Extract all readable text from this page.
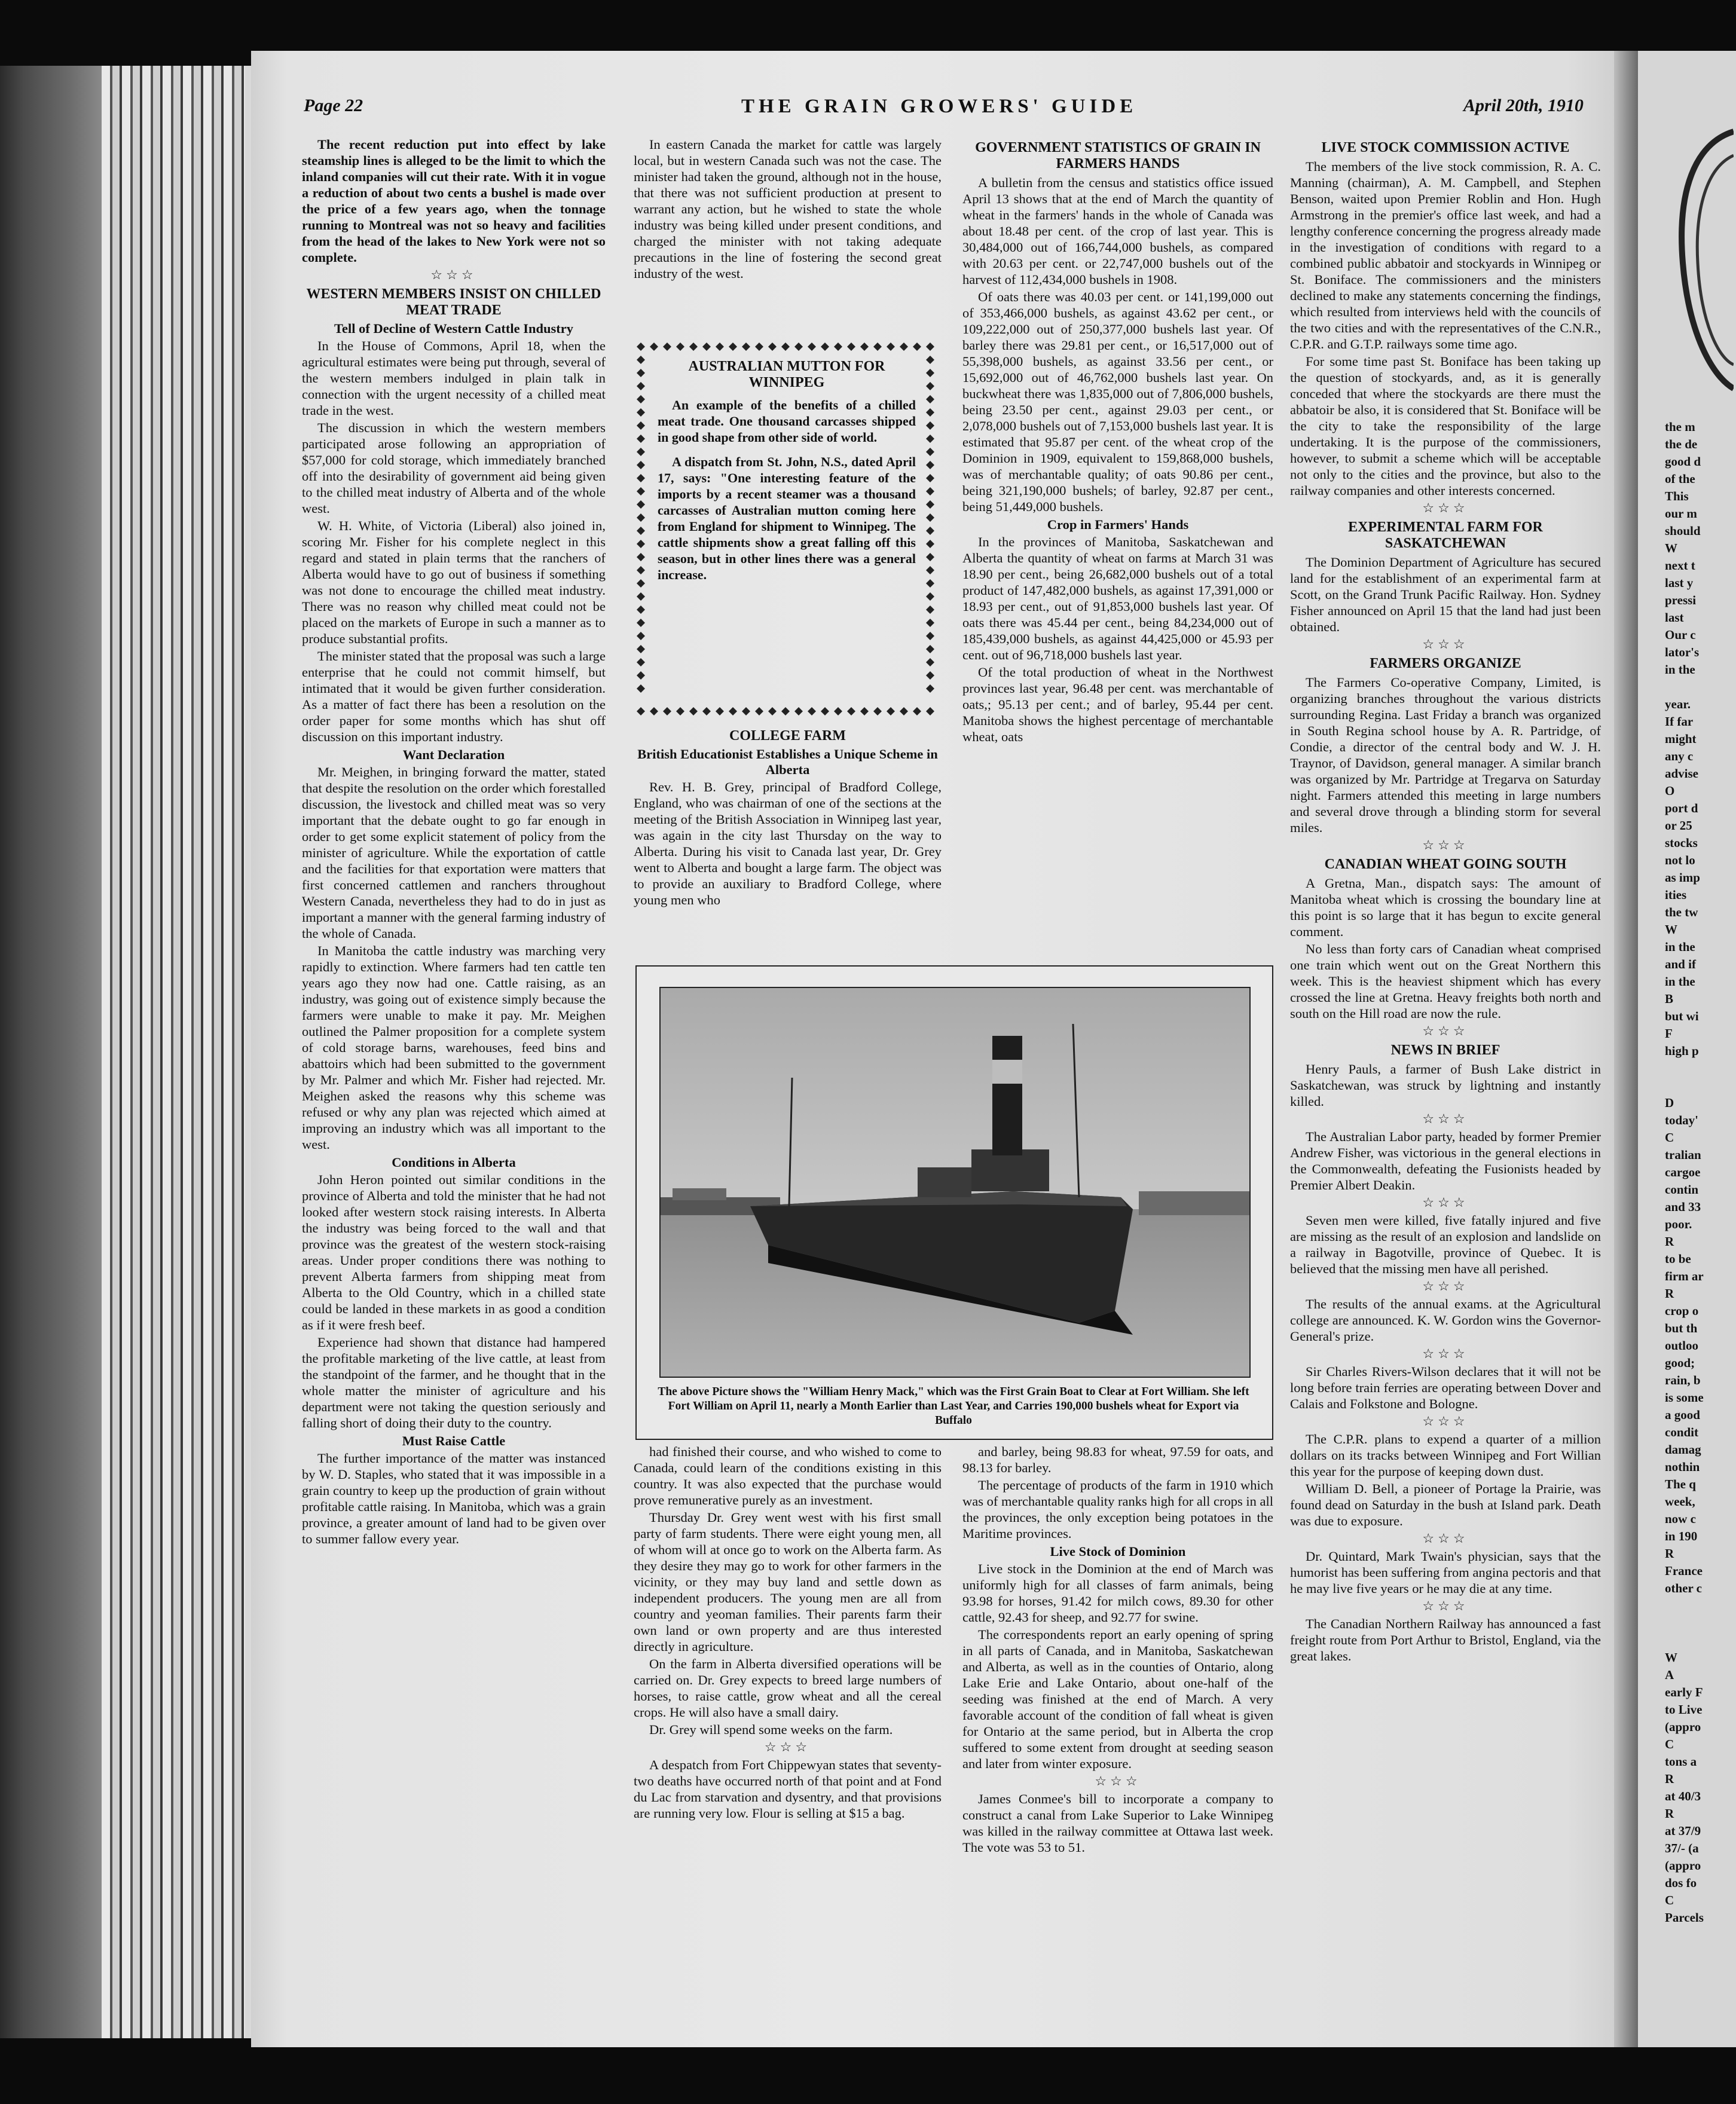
Page 22	THE GRAIN GROWERS' GUIDE	April 20th, 1910

The recent reduction put into effect by lake steamship lines is alleged to be the limit to which the inland companies will cut their rate. With it in vogue a reduction of about two cents a bushel is made over the price of a few years ago, when the tonnage running to Montreal was not so heavy and facilities from the head of the lakes to New York were not so complete.

☆☆☆
WESTERN MEMBERS INSIST ON CHILLED MEAT TRADE
Tell of Decline of Western Cattle Industry

In the House of Commons, April 18, when the agricultural estimates were being put through, several of the western members indulged in plain talk in connection with the urgent necessity of a chilled meat trade in the west.

The discussion in which the western members participated arose following an appropriation of $57,000 for cold storage, which immediately branched off into the desirability of government aid being given to the chilled meat industry of Alberta and of the whole west.

W. H. White, of Victoria (Liberal) also joined in, scoring Mr. Fisher for his complete neglect in this regard and stated in plain terms that the ranchers of Alberta would have to go out of business if something was not done to encourage the chilled meat industry. There was no reason why chilled meat could not be placed on the markets of Europe in such a manner as to produce substantial profits.

The minister stated that the proposal was such a large enterprise that he could not commit himself, but intimated that it would be given further consideration. As a matter of fact there has been a resolution on the order paper for some months which has shut off discussion on this important industry.

Want Declaration

Mr. Meighen, in bringing forward the matter, stated that despite the resolution on the order which forestalled discussion, the livestock and chilled meat was so very important that the debate ought to go far enough in order to get some explicit statement of policy from the minister of agriculture. While the exportation of cattle and the facilities for that exportation were matters that first concerned cattlemen and ranchers throughout Western Canada, nevertheless they had to do in just as important a manner with the general farming industry of the whole of Canada.

In Manitoba the cattle industry was marching very rapidly to extinction. Where farmers had ten cattle ten years ago they now had one. Cattle raising, as an industry, was going out of existence simply because the farmers were unable to make it pay. Mr. Meighen outlined the Palmer proposition for a complete system of cold storage barns, warehouses, feed bins and abattoirs which had been submitted to the government by Mr. Palmer and which Mr. Fisher had rejected. Mr. Meighen asked the reasons why this scheme was refused or why any plan was rejected which aimed at improving an industry which was all important to the west.

Conditions in Alberta

John Heron pointed out similar conditions in the province of Alberta and told the minister that he had not looked after western stock raising interests. In Alberta the industry was being forced to the wall and that province was the greatest of the western stock-raising areas. Under proper conditions there was nothing to prevent Alberta farmers from shipping meat from Alberta to the Old Country, which in a chilled state could be landed in these markets in as good a condition as if it were fresh beef.

Experience had shown that distance had hampered the profitable marketing of the live cattle, at least from the standpoint of the farmer, and he thought that in the whole matter the minister of agriculture and his department were not taking the question seriously and falling short of doing their duty to the country.

Must Raise Cattle

The further importance of the matter was instanced by W. D. Staples, who stated that it was impossible in a grain country to keep up the production of grain without profitable cattle raising. In Manitoba, which was a grain province, a greater amount of land had to be given over to summer fallow every year.

In eastern Canada the market for cattle was largely local, but in western Canada such was not the case. The minister had taken the ground, although not in the house, that there was not sufficient production at present to warrant any action, but he wished to state the whole industry was being killed under present conditions, and charged the minister with not taking adequate precautions in the line of fostering the second great industry of the west.

AUSTRALIAN MUTTON FOR WINNIPEG

An example of the benefits of a chilled meat trade. One thousand carcasses shipped in good shape from other side of world.

A dispatch from St. John, N.S., dated April 17, says: "One interesting feature of the imports by a recent steamer was a thousand carcasses of Australian mutton coming here from England for shipment to Winnipeg. The cattle shipments show a great falling off this season, but in other lines there was a general increase.

COLLEGE FARM
British Educationist Establishes a Unique Scheme in Alberta

Rev. H. B. Grey, principal of Bradford College, England, who was chairman of one of the sections at the meeting of the British Association in Winnipeg last year, was again in the city last Thursday on the way to Alberta. During his visit to Canada last year, Dr. Grey went to Alberta and bought a large farm. The object was to provide an auxiliary to Bradford College, where young men who

GOVERNMENT STATISTICS OF GRAIN IN FARMERS HANDS

A bulletin from the census and statistics office issued April 13 shows that at the end of March the quantity of wheat in the farmers' hands in the whole of Canada was about 18.48 per cent. of the crop of last year. This is 30,484,000 out of 166,744,000 bushels, as compared with 20.63 per cent. or 22,747,000 bushels out of the harvest of 112,434,000 bushels in 1908.

Of oats there was 40.03 per cent. or 141,199,000 out of 353,466,000 bushels, as against 43.62 per cent., or 109,222,000 out of 250,377,000 bushels last year. Of barley there was 29.81 per cent., or 16,517,000 out of 55,398,000 bushels, as against 33.56 per cent., or 15,692,000 out of 46,762,000 bushels last year. On buckwheat there was 1,835,000 out of 7,806,000 bushels, being 23.50 per cent., against 29.03 per cent., or 2,078,000 bushels out of 7,153,000 bushels last year. It is estimated that 95.87 per cent. of the wheat crop of the Dominion in 1909, equivalent to 159,868,000 bushels, was of merchantable quality; of oats 90.86 per cent., being 321,190,000 bushels; of barley, 92.87 per cent., being 51,449,000 bushels.

Crop in Farmers' Hands

In the provinces of Manitoba, Saskatchewan and Alberta the quantity of wheat on farms at March 31 was 18.90 per cent., being 26,682,000 bushels out of a total product of 147,482,000 bushels, as against 17,391,000 or 18.93 per cent., out of 91,853,000 bushels last year. Of oats there was 45.44 per cent., being 84,234,000 out of 185,439,000 bushels, as against 44,425,000 or 45.93 per cent. out of 96,718,000 bushels last year.

Of the total production of wheat in the Northwest provinces last year, 96.48 per cent. was merchantable of oats,; 95.13 per cent.; and of barley, 95.44 per cent. Manitoba shows the highest percentage of merchantable wheat, oats

The above Picture shows the "William Henry Mack," which was the First Grain Boat to Clear at Fort William. She left Fort William on April 11, nearly a Month Earlier than Last Year, and Carries 190,000 bushels wheat for Export via Buffalo

had finished their course, and who wished to come to Canada, could learn of the conditions existing in this country. It was also expected that the purchase would prove remunerative purely as an investment.

Thursday Dr. Grey went west with his first small party of farm students. There were eight young men, all of whom will at once go to work on the Alberta farm. As they desire they may go to work for other farmers in the vicinity, or they may buy land and settle down as independent producers. The young men are all from country and yeoman families. Their parents farm their own land or own property and are thus interested directly in agriculture.

On the farm in Alberta diversified operations will be carried on. Dr. Grey expects to breed large numbers of horses, to raise cattle, grow wheat and all the cereal crops. He will also have a small dairy.

Dr. Grey will spend some weeks on the farm.

☆☆☆

A despatch from Fort Chippewyan states that seventy-two deaths have occurred north of that point and at Fond du Lac from starvation and dysentry, and that provisions are running very low. Flour is selling at $15 a bag.

and barley, being 98.83 for wheat, 97.59 for oats, and 98.13 for barley.

The percentage of products of the farm in 1910 which was of merchantable quality ranks high for all crops in all the provinces, the only exception being potatoes in the Maritime provinces.

Live Stock of Dominion

Live stock in the Dominion at the end of March was uniformly high for all classes of farm animals, being 93.98 for horses, 91.42 for milch cows, 89.30 for other cattle, 92.43 for sheep, and 92.77 for swine.

The correspondents report an early opening of spring in all parts of Canada, and in Manitoba, Saskatchewan and Alberta, as well as in the counties of Ontario, along Lake Erie and Lake Ontario, about one-half of the seeding was finished at the end of March. A very favorable account of the condition of fall wheat is given for Ontario at the same period, but in Alberta the crop suffered to some extent from drought at seeding season and later from winter exposure.

☆☆☆

James Conmee's bill to incorporate a company to construct a canal from Lake Superior to Lake Winnipeg was killed in the railway committee at Ottawa last week. The vote was 53 to 51.

LIVE STOCK COMMISSION ACTIVE

The members of the live stock commission, R. A. C. Manning (chairman), A. M. Campbell, and Stephen Benson, waited upon Premier Roblin and Hon. Hugh Armstrong in the premier's office last week, and had a lengthy conference concerning the progress already made in the investigation of conditions with regard to a combined public abbatoir and stockyards in Winnipeg or St. Boniface. The commissioners and the ministers declined to make any statements concerning the findings, which resulted from interviews held with the councils of the two cities and with the representatives of the C.N.R., C.P.R. and G.T.P. railways some time ago.

For some time past St. Boniface has been taking up the question of stockyards, and, as it is generally conceded that where the stockyards are there must the abbatoir be also, it is considered that St. Boniface will be the city to take the responsibility of the large undertaking. It is the purpose of the commissioners, however, to submit a scheme which will be acceptable not only to the cities and the province, but also to the railway companies and other interests concerned.

☆☆☆
EXPERIMENTAL FARM FOR SASKATCHEWAN

The Dominion Department of Agriculture has secured land for the establishment of an experimental farm at Scott, on the Grand Trunk Pacific Railway. Hon. Sydney Fisher announced on April 15 that the land had just been obtained.

☆☆☆
FARMERS ORGANIZE

The Farmers Co-operative Company, Limited, is organizing branches throughout the various districts surrounding Regina. Last Friday a branch was organized in South Regina school house by A. R. Partridge, of Condie, a director of the central body and W. J. H. Traynor, of Davidson, general manager. A similar branch was organized by Mr. Partridge at Tregarva on Saturday night. Farmers attended this meeting in large numbers and several drove through a blinding storm for several miles.

☆☆☆
CANADIAN WHEAT GOING SOUTH

A Gretna, Man., dispatch says: The amount of Manitoba wheat which is crossing the boundary line at this point is so large that it has begun to excite general comment.

No less than forty cars of Canadian wheat comprised one train which went out on the Great Northern this week. This is the heaviest shipment which has every crossed the line at Gretna. Heavy freights both north and south on the Hill road are now the rule.

☆☆☆
NEWS IN BRIEF

Henry Pauls, a farmer of Bush Lake district in Saskatchewan, was struck by lightning and instantly killed.

☆☆☆

The Australian Labor party, headed by former Premier Andrew Fisher, was victorious in the general elections in the Commonwealth, defeating the Fusionists headed by Premier Albert Deakin.

☆☆☆

Seven men were killed, five fatally injured and five are missing as the result of an explosion and landslide on a railway in Bagotville, province of Quebec. It is believed that the missing men have all perished.

☆☆☆

The results of the annual exams. at the Agricultural college are announced. K. W. Gordon wins the Governor-General's prize.

☆☆☆

Sir Charles Rivers-Wilson declares that it will not be long before train ferries are operating between Dover and Calais and Folkstone and Bologne.

☆☆☆

The C.P.R. plans to expend a quarter of a million dollars on its tracks between Winnipeg and Fort Willian this year for the purpose of keeping down dust.

William D. Bell, a pioneer of Portage la Prairie, was found dead on Saturday in the bush at Island park. Death was due to exposure.

☆☆☆

Dr. Quintard, Mark Twain's physician, says that the humorist has been suffering from angina pectoris and that he may live five years or he may die at any time.

☆☆☆

The Canadian Northern Railway has announced a fast freight route from Port Arthur to Bristol, England, via the great lakes.

the m
the de
good d
of the
This
our m
should
W
next t
last y
pressi
last
Our c
lator's
in the
year.
If far
might
any c
advise
O
port d
or 25
stocks
not lo
as imp
ities
the tw
W
in the
and if
in the
B
but wi
F
high p
D
today'
C
tralian
cargoe
contin
and 33
poor.
R
to be
firm ar
R
crop o
but th
outloo
good;
rain, b
is some
a good
condit
damag
nothin
The q
week,
now c
in 190
R
France
other c
W
A
early F
to Live
(appro
C
tons a
R
at 40/3
R
at 37/9
37/- (a
(appro
dos fo
C
Parcels
